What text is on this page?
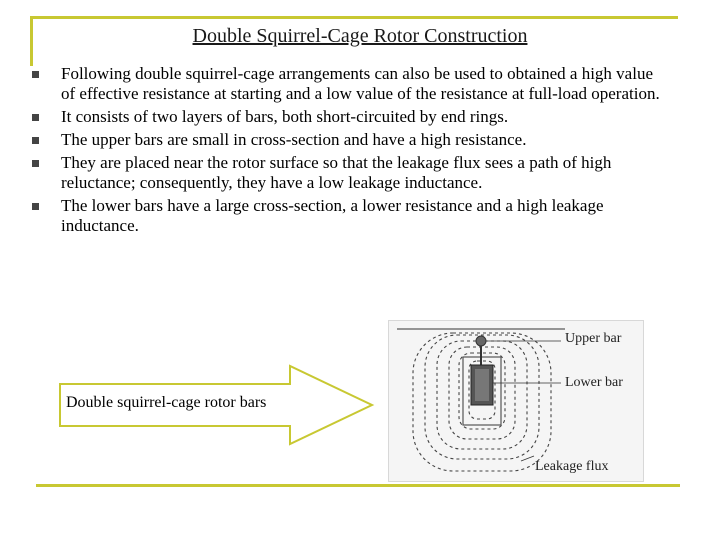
Double Squirrel-Cage Rotor Construction
Following double squirrel-cage arrangements can also be used to obtained a high value of effective resistance at starting and a low value of the resistance at full-load operation.
It consists of two layers of bars, both short-circuited by end rings.
The upper bars are small in cross-section and have a high resistance.
They are placed near the rotor surface so that the leakage flux sees a path of high reluctance; consequently, they have a low leakage inductance.
The lower bars have a large cross-section, a lower resistance and a high leakage inductance.
Double squirrel-cage rotor bars
Upper bar
Lower bar
Leakage flux
